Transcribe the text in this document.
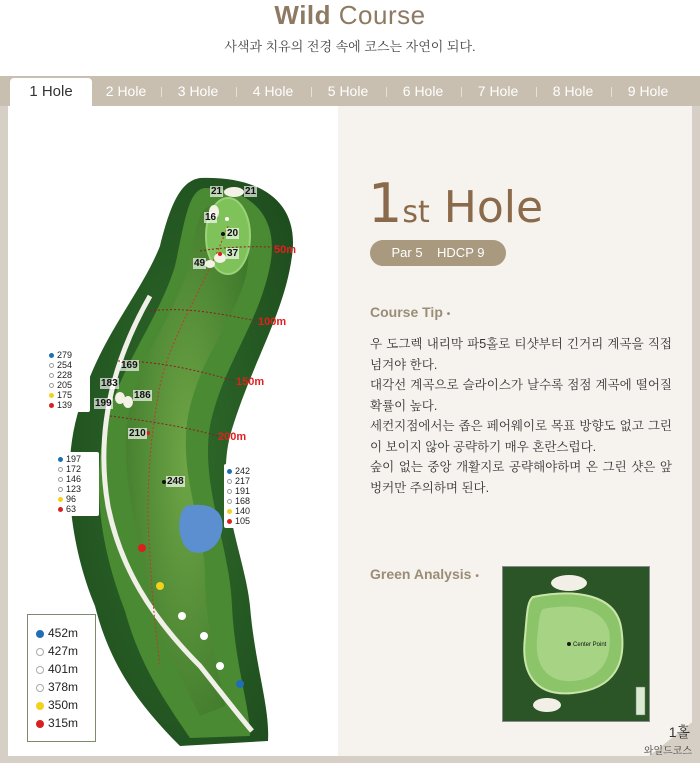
Wild Course
사색과 치유의 전경 속에 코스는 자연이 되다.
1 Hole	2 Hole	3 Hole	4 Hole	5 Hole	6 Hole	7 Hole	8 Hole	9 Hole
21 21
16
20
37
49
169
183
186
199
210
248
50m
100m
150m
200m
279
254
228
205
175
139
197
172
146
123
96
63
242
217
191
168
140
105
452m
427m
401m
378m
350m
315m
1st Hole
Par 5 HDCP 9
Course Tip •

우 도그렉 내리막 파5홀로 티샷부터 긴거리 계곡을 직접 넘겨야 한다.

대각선 계곡으로 슬라이스가 날수록 점점 계곡에 떨어질 확률이 높다.

세컨지점에서는 좁은 페어웨이로 목표 방향도 없고 그린이 보이지 않아 공략하기 매우 혼란스럽다.

숲이 없는 중앙 개활지로 공략해야하며 온 그린 샷은 앞 벙커만 주의하며 된다.

Green Analysis •
Center Point
1홀
와일드코스
